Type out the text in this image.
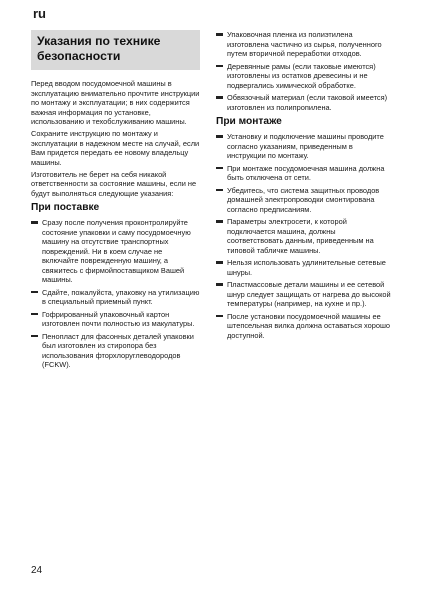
ru
Указания по технике безопасности

Перед вводом посудомоечной машины в эксплуатацию внимательно прочтите инструкции по монтажу и эксплуатации; в них содержится важная информация по установке, использованию и техобслуживанию машины.

Сохраните инструкцию по монтажу и эксплуатации в надежном месте на случай, если Вам придется передать ее новому владельцу машины.

Изготовитель не берет на себя никакой ответственности за состояние машины, если не будут выполняться следующие указания:

При поставке
Сразу после получения проконтролируйте состояние упаковки и саму посудомоечную машину на отсутствие транспортных повреждений. Ни в коем случае не включайте поврежденную машину, а свяжитесь с фирмойпоставщиком Вашей машины.
Сдайте, пожалуйста, упаковку на утилизацию в специальный приемный пункт.
Гофрированный упаковочный картон изготовлен почти полностью из макулатуры.
Пенопласт для фасонных деталей упаковки был изготовлен из стиропора без использования фторхлоруглеводородов (FCKW).
Упаковочная пленка из полиэтилена изготовлена частично из сырья, полученного путем вторичной переработки отходов.
Деревянные рамы (если таковые имеются) изготовлены из остатков древесины и не подвергались химической обработке.
Обвязочный материал (если таковой имеется) изготовлен из полипропилена.
При монтаже
Установку и подключение машины проводите согласно указаниям, приведенным в инструкции по монтажу.
При монтаже посудомоечная машина должна быть отключена от сети.
Убедитесь, что система защитных проводов домашней электропроводки смонтирована согласно предписаниям.
Параметры электросети, к которой подключается машина, должны соответствовать данным, приведенным на типовой табличке машины.
Нельзя использовать удлинительные сетевые шнуры.
Пластмассовые детали машины и ее сетевой шнур следует защищать от нагрева до высокой температуры (например, на кухне и пр.).
После установки посудомоечной машины ее штепсельная вилка должна оставаться хорошо доступной.
24
